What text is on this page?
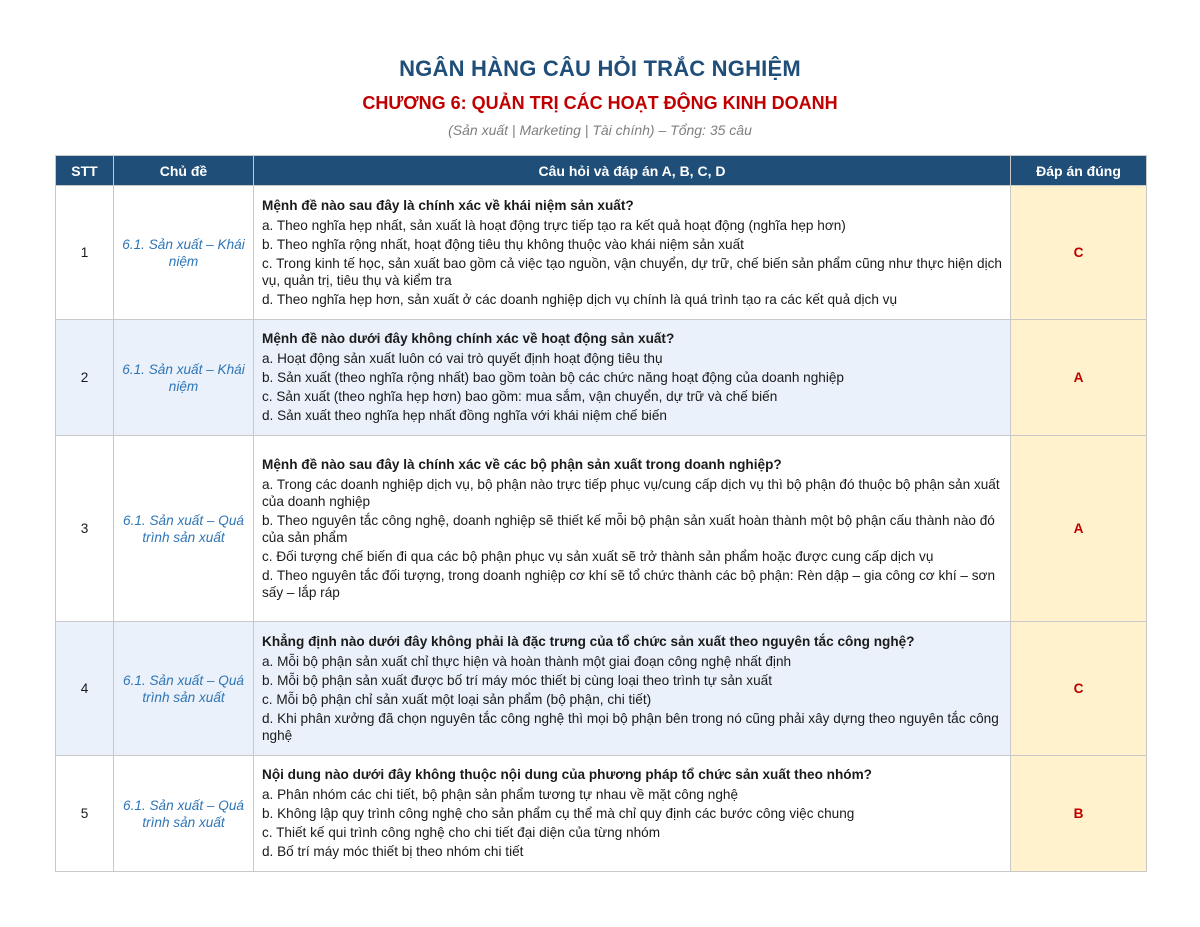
NGÂN HÀNG CÂU HỎI TRẮC NGHIỆM
CHƯƠNG 6: QUẢN TRỊ CÁC HOẠT ĐỘNG KINH DOANH
(Sản xuất | Marketing | Tài chính) – Tổng: 35 câu
STT	Chủ đề	Câu hỏi và đáp án A, B, C, D	Đáp án đúng
1	6.1. Sản xuất – Khái niệm	Mệnh đề nào sau đây là chính xác về khái niệm sản xuất?
a. Theo nghĩa hẹp nhất, sản xuất là hoạt động trực tiếp tạo ra kết quả hoạt động (nghĩa hẹp hơn)
b. Theo nghĩa rộng nhất, hoạt động tiêu thụ không thuộc vào khái niệm sản xuất
c. Trong kinh tế học, sản xuất bao gồm cả việc tạo nguồn, vận chuyển, dự trữ, chế biến sản phẩm cũng như thực hiện dịch vụ, quản trị, tiêu thụ và kiểm tra
d. Theo nghĩa hẹp hơn, sản xuất ở các doanh nghiệp dịch vụ chính là quá trình tạo ra các kết quả dịch vụ	C
2	6.1. Sản xuất – Khái niệm	Mệnh đề nào dưới đây không chính xác về hoạt động sản xuất?
a. Hoạt động sản xuất luôn có vai trò quyết định hoạt động tiêu thụ
b. Sản xuất (theo nghĩa rộng nhất) bao gồm toàn bộ các chức năng hoạt động của doanh nghiệp
c. Sản xuất (theo nghĩa hẹp hơn) bao gồm: mua sắm, vận chuyển, dự trữ và chế biến
d. Sản xuất theo nghĩa hẹp nhất đồng nghĩa với khái niệm chế biến	A
3	6.1. Sản xuất – Quá trình sản xuất	Mệnh đề nào sau đây là chính xác về các bộ phận sản xuất trong doanh nghiệp?
a. Trong các doanh nghiệp dịch vụ, bộ phận nào trực tiếp phục vụ/cung cấp dịch vụ thì bộ phận đó thuộc bộ phận sản xuất của doanh nghiệp
b. Theo nguyên tắc công nghệ, doanh nghiệp sẽ thiết kế mỗi bộ phận sản xuất hoàn thành một bộ phận cấu thành nào đó của sản phẩm
c. Đối tượng chế biến đi qua các bộ phận phục vụ sản xuất sẽ trở thành sản phẩm hoặc được cung cấp dịch vụ
d. Theo nguyên tắc đối tượng, trong doanh nghiệp cơ khí sẽ tổ chức thành các bộ phận: Rèn dập – gia công cơ khí – sơn sấy – lắp ráp	A
4	6.1. Sản xuất – Quá trình sản xuất	Khẳng định nào dưới đây không phải là đặc trưng của tổ chức sản xuất theo nguyên tắc công nghệ?
a. Mỗi bộ phận sản xuất chỉ thực hiện và hoàn thành một giai đoạn công nghệ nhất định
b. Mỗi bộ phận sản xuất được bố trí máy móc thiết bị cùng loại theo trình tự sản xuất
c. Mỗi bộ phận chỉ sản xuất một loại sản phẩm (bộ phận, chi tiết)
d. Khi phân xưởng đã chọn nguyên tắc công nghệ thì mọi bộ phận bên trong nó cũng phải xây dựng theo nguyên tắc công nghệ	C
5	6.1. Sản xuất – Quá trình sản xuất	Nội dung nào dưới đây không thuộc nội dung của phương pháp tổ chức sản xuất theo nhóm?
a. Phân nhóm các chi tiết, bộ phận sản phẩm tương tự nhau về mặt công nghệ
b. Không lập quy trình công nghệ cho sản phẩm cụ thể mà chỉ quy định các bước công việc chung
c. Thiết kế qui trình công nghệ cho chi tiết đại diện của từng nhóm
d. Bố trí máy móc thiết bị theo nhóm chi tiết	B
